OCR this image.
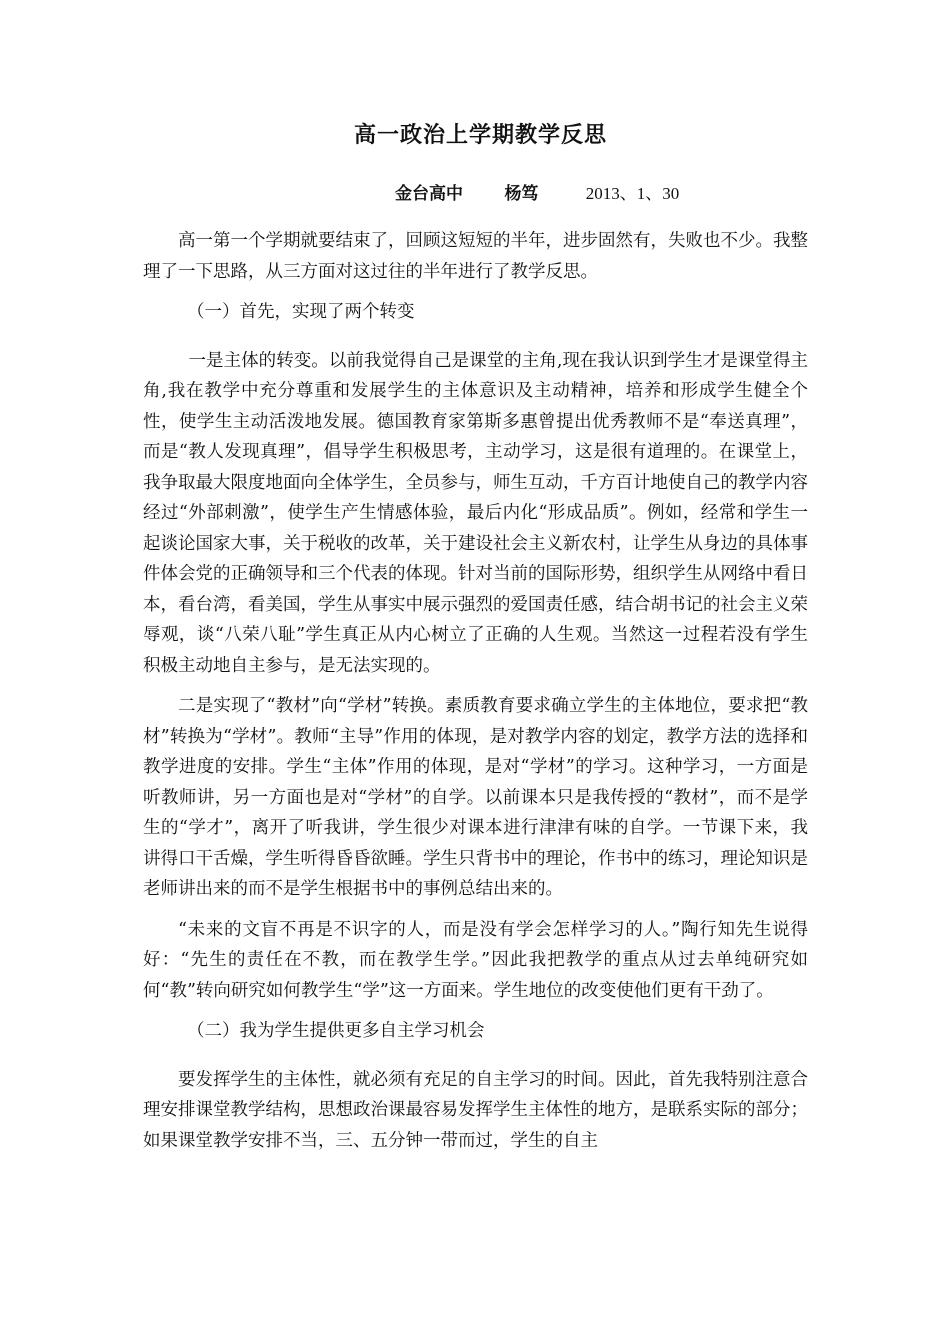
高一政治上学期教学反思
金台高中 杨笃	2013、1、30

高一第一个学期就要结束了，回顾这短短的半年，进步固然有，失败也不少。我整理了一下思路，从三方面对这过往的半年进行了教学反思。

（一）首先，实现了两个转变

一是主体的转变。以前我觉得自己是课堂的主角,现在我认识到学生才是课堂得主角,我在教学中充分尊重和发展学生的主体意识及主动精神，培养和形成学生健全个性，使学生主动活泼地发展。德国教育家第斯多惠曾提出优秀教师不是“奉送真理”，而是“教人发现真理”，倡导学生积极思考，主动学习，这是很有道理的。在课堂上，我争取最大限度地面向全体学生，全员参与，师生互动，千方百计地使自己的教学内容经过“外部刺激”，使学生产生情感体验，最后内化“形成品质”。例如，经常和学生一起谈论国家大事，关于税收的改革，关于建设社会主义新农村，让学生从身边的具体事件体会党的正确领导和三个代表的体现。针对当前的国际形势，组织学生从网络中看日本，看台湾，看美国，学生从事实中展示强烈的爱国责任感，结合胡书记的社会主义荣辱观，谈“八荣八耻”学生真正从内心树立了正确的人生观。当然这一过程若没有学生积极主动地自主参与，是无法实现的。

二是实现了“教材”向“学材”转换。素质教育要求确立学生的主体地位，要求把“教材”转换为“学材”。教师“主导”作用的体现，是对教学内容的划定，教学方法的选择和教学进度的安排。学生“主体”作用的体现，是对“学材”的学习。这种学习，一方面是听教师讲，另一方面也是对“学材”的自学。以前课本只是我传授的“教材”，而不是学生的“学才”，离开了听我讲，学生很少对课本进行津津有味的自学。一节课下来，我讲得口干舌燥，学生听得昏昏欲睡。学生只背书中的理论，作书中的练习，理论知识是老师讲出来的而不是学生根据书中的事例总结出来的。

“未来的文盲不再是不识字的人，而是没有学会怎样学习的人。”陶行知先生说得好：“先生的责任在不教，而在教学生学。”因此我把教学的重点从过去单纯研究如何“教”转向研究如何教学生“学”这一方面来。学生地位的改变使他们更有干劲了。

（二）我为学生提供更多自主学习机会

要发挥学生的主体性，就必须有充足的自主学习的时间。因此，首先我特别注意合理安排课堂教学结构，思想政治课最容易发挥学生主体性的地方，是联系实际的部分；如果课堂教学安排不当，三、五分钟一带而过，学生的自主
